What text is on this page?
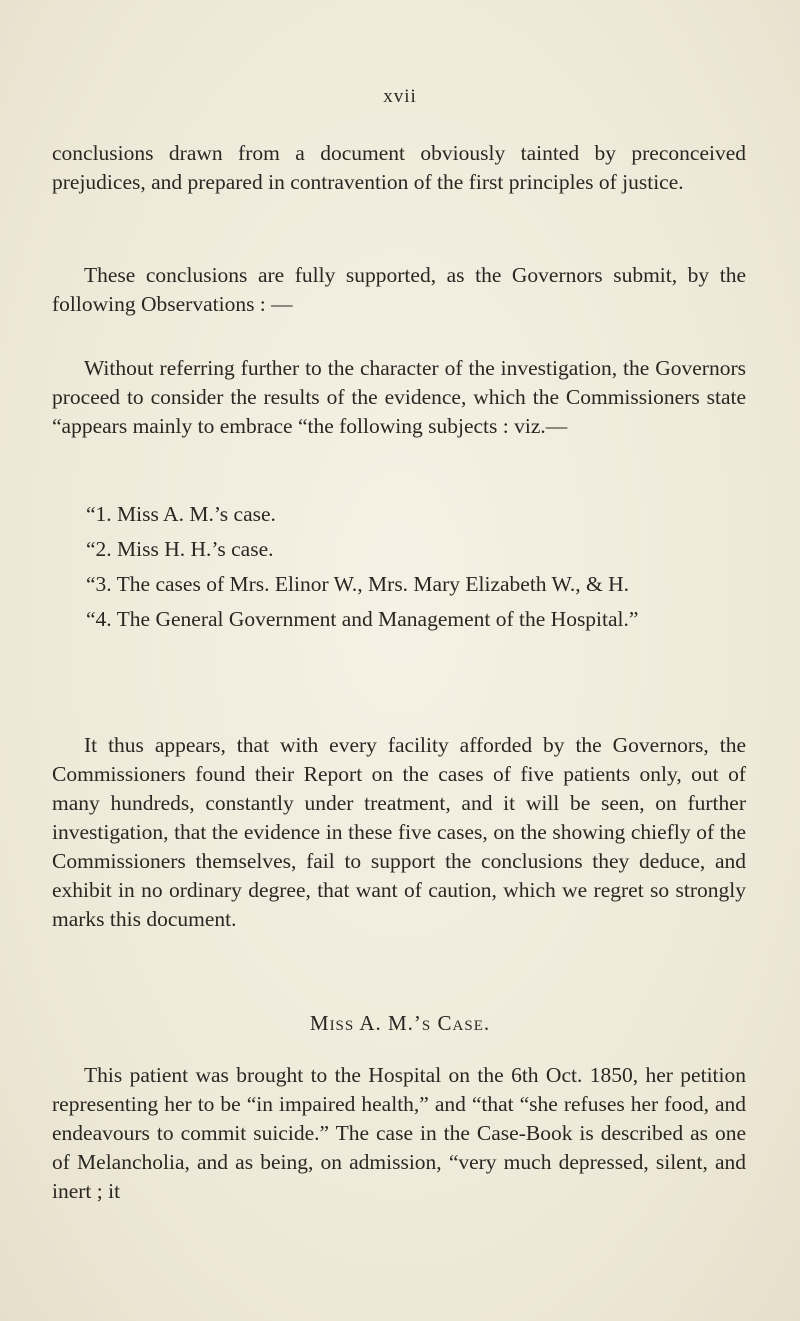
xvii
conclusions drawn from a document obviously tainted by preconceived prejudices, and prepared in contravention of the first principles of justice.
These conclusions are fully supported, as the Governors submit, by the following Observations : —
Without referring further to the character of the investigation, the Governors proceed to consider the results of the evidence, which the Commissioners state “appears mainly to embrace “the following subjects : viz.—
“1. Miss A. M.’s case.
“2. Miss H. H.’s case.
“3. The cases of Mrs. Elinor W., Mrs. Mary Elizabeth W., & H.
“4. The General Government and Management of the Hospital.”
It thus appears, that with every facility afforded by the Governors, the Commissioners found their Report on the cases of five patients only, out of many hundreds, constantly under treatment, and it will be seen, on further investigation, that the evidence in these five cases, on the showing chiefly of the Commissioners themselves, fail to support the conclusions they deduce, and exhibit in no ordinary degree, that want of caution, which we regret so strongly marks this document.
Miss A. M.’s Case.
This patient was brought to the Hospital on the 6th Oct. 1850, her petition representing her to be “in impaired health,” and “that “she refuses her food, and endeavours to commit suicide.” The case in the Case-Book is described as one of Melancholia, and as being, on admission, “very much depressed, silent, and inert ; it
